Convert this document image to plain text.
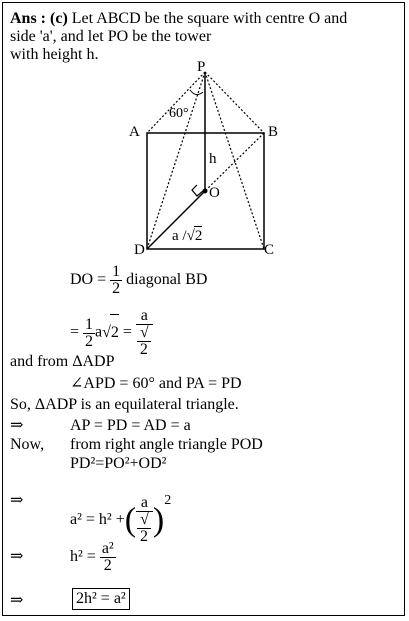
Ans : (c) Let ABCD be the square with centre O and
side 'a', and let PO be the tower
with height h.
P
A	B
C
D
O
h
60°
a /√2
DO = $\frac{1}{2}$ diagonal BD
= $\frac{1}{2} a√2 = a$
√
2
and from ΔADP
∠APD = 60° and PA = PD
So, ΔADP is an equilateral triangle.
⇒	AP = PD = AD = a
Now, from right angle triangle POD
PD²=PO²+OD²
⇒
a² = h² +( a
√
2 )$^2$
⇒	$h^2 = \frac{\text{a²}}{2}$
⇒	2h² = a²
